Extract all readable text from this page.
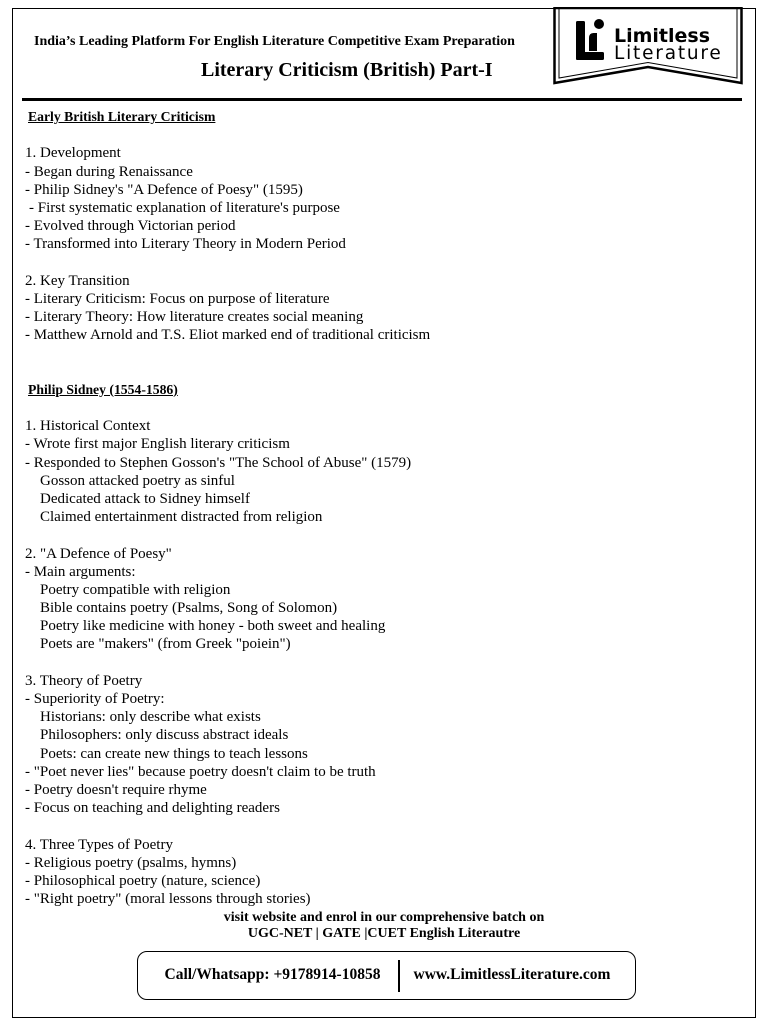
India’s Leading Platform For English Literature Competitive Exam Preparation
Literary Criticism (British) Part-I
Limitless
Literature
Early British Literary Criticism
1. Development
- Began during Renaissance
- Philip Sidney's "A Defence of Poesy" (1595)
- First systematic explanation of literature's purpose
- Evolved through Victorian period
- Transformed into Literary Theory in Modern Period
2. Key Transition
- Literary Criticism: Focus on purpose of literature
- Literary Theory: How literature creates social meaning
- Matthew Arnold and T.S. Eliot marked end of traditional criticism
Philip Sidney (1554-1586)
1. Historical Context
- Wrote first major English literary criticism
- Responded to Stephen Gosson's "The School of Abuse" (1579)
Gosson attacked poetry as sinful
Dedicated attack to Sidney himself
Claimed entertainment distracted from religion
2. "A Defence of Poesy"
- Main arguments:
Poetry compatible with religion
Bible contains poetry (Psalms, Song of Solomon)
Poetry like medicine with honey - both sweet and healing
Poets are "makers" (from Greek "poiein")
3. Theory of Poetry
- Superiority of Poetry:
Historians: only describe what exists
Philosophers: only discuss abstract ideals
Poets: can create new things to teach lessons
- "Poet never lies" because poetry doesn't claim to be truth
- Poetry doesn't require rhyme
- Focus on teaching and delighting readers
4. Three Types of Poetry
- Religious poetry (psalms, hymns)
- Philosophical poetry (nature, science)
- "Right poetry" (moral lessons through stories)
visit website and enrol in our comprehensive batch on
UGC-NET | GATE |CUET English Literautre
Call/Whatsapp: +9178914-10858 www.LimitlessLiterature.com
